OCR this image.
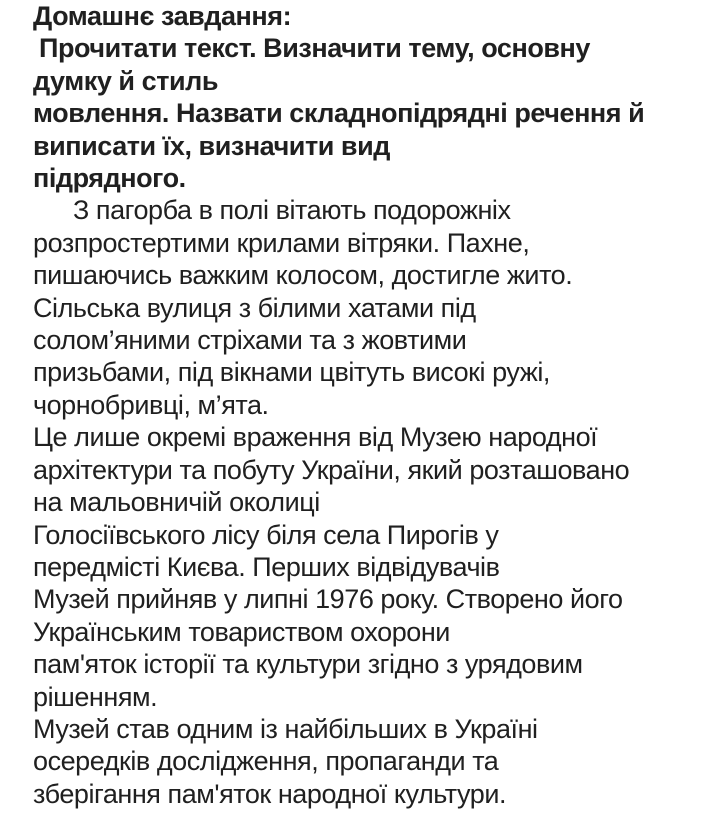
Домашнє завдання:
Прочитати текст. Визначити тему, основну
думку й стиль
мовлення. Назвати складнопідрядні речення й
виписати їх, визначити вид
підрядного.
З пагорба в полі вітають подорожніх
розпростертими крилами вітряки. Пахне,
пишаючись важким колосом, достигле жито.
Сільська вулиця з білими хатами під
солом’яними стріхами та з жовтими
призьбами, під вікнами цвітуть високі ружі,
чорнобривці, м’ята.
Це лише окремі враження від Музею народної
архітектури та побуту України, який розташовано
на мальовничій околиці
Голосіївського лісу біля села Пирогів у
передмісті Києва. Перших відвідувачів
Музей прийняв у липні 1976 року. Створено його
Українським товариством охорони
пам'яток історії та культури згідно з урядовим
рішенням.
Музей став одним із найбільших в Україні
осередків дослідження, пропаганди та
зберігання пам'яток народної культури.
